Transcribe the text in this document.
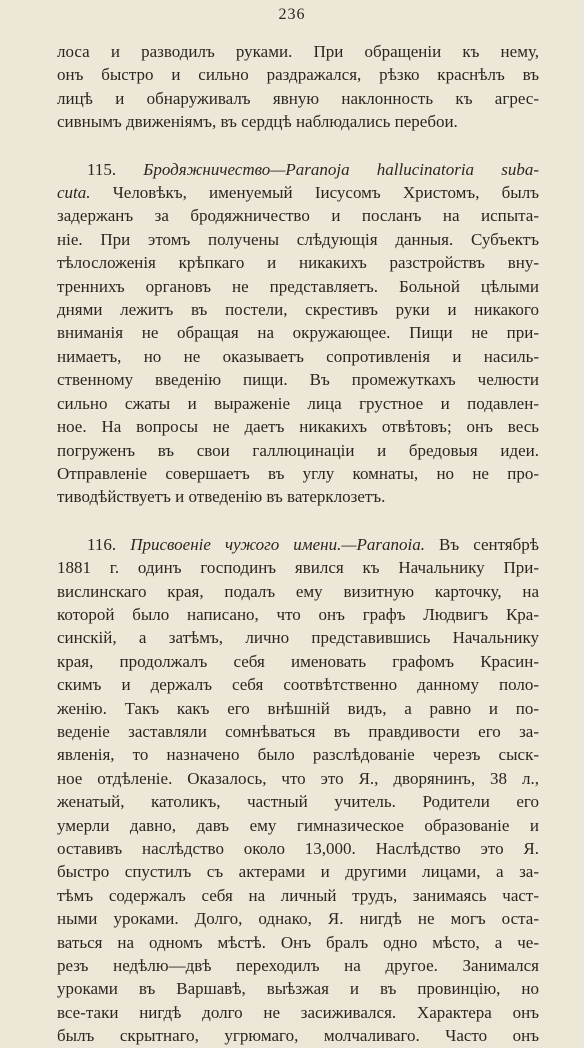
236
лоса и разводилъ руками. При обращеніи къ нему,
онъ быстро и сильно раздражался, рѣзко краснѣлъ въ
лицѣ и обнаруживалъ явную наклонность къ агрес-
сивнымъ движеніямъ, въ сердцѣ наблюдались перебои.
115. Бродяжничество—Paranoja hallucinatoria suba-
cuta. Человѣкъ, именуемый Іисусомъ Христомъ, былъ
задержанъ за бродяжничество и посланъ на испыта-
ніе. При этомъ получены слѣдующія данныя. Субъектъ
тѣлосложенія крѣпкаго и никакихъ разстройствъ вну-
треннихъ органовъ не представляетъ. Больной цѣлыми
днями лежитъ въ постели, скрестивъ руки и никакого
вниманія не обращая на окружающее. Пищи не при-
нимаетъ, но не оказываетъ сопротивленія и насиль-
ственному введенію пищи. Въ промежуткахъ челюсти
сильно сжаты и выраженіе лица грустное и подавлен-
ное. На вопросы не даетъ никакихъ отвѣтовъ; онъ весь
погруженъ въ свои галлюцинаціи и бредовыя идеи.
Отправленіе совершаетъ въ углу комнаты, но не про-
тиводѣйствуетъ и отведенію въ ватерклозетъ.
116. Присвоеніе чужого имени.—Paranoia. Въ сентябрѣ
1881 г. одинъ господинъ явился къ Начальнику При-
вислинскаго края, подалъ ему визитную карточку, на
которой было написано, что онъ графъ Людвигъ Кра-
синскій, а затѣмъ, лично представившись Начальнику
края, продолжалъ себя именовать графомъ Красин-
скимъ и держалъ себя соотвѣтственно данному поло-
женію. Такъ какъ его внѣшній видъ, а равно и по-
веденіе заставляли сомнѣваться въ правдивости его за-
явленія, то назначено было разслѣдованіе черезъ сыск-
ное отдѣленіе. Оказалось, что это Я., дворянинъ, 38 л.,
женатый, католикъ, частный учитель. Родители его
умерли давно, давъ ему гимназическое образованіе и
оставивъ наслѣдство около 13,000. Наслѣдство это Я.
быстро спустилъ съ актерами и другими лицами, а за-
тѣмъ содержалъ себя на личный трудъ, занимаясь част-
ными уроками. Долго, однако, Я. нигдѣ не могъ оста-
ваться на одномъ мѣстѣ. Онъ бралъ одно мѣсто, а че-
резъ недѣлю—двѣ переходилъ на другое. Занимался
уроками въ Варшавѣ, выѣзжая и въ провинцію, но
все-таки нигдѣ долго не засиживался. Характера онъ
былъ скрытнаго, угрюмаго, молчаливаго. Часто онъ
